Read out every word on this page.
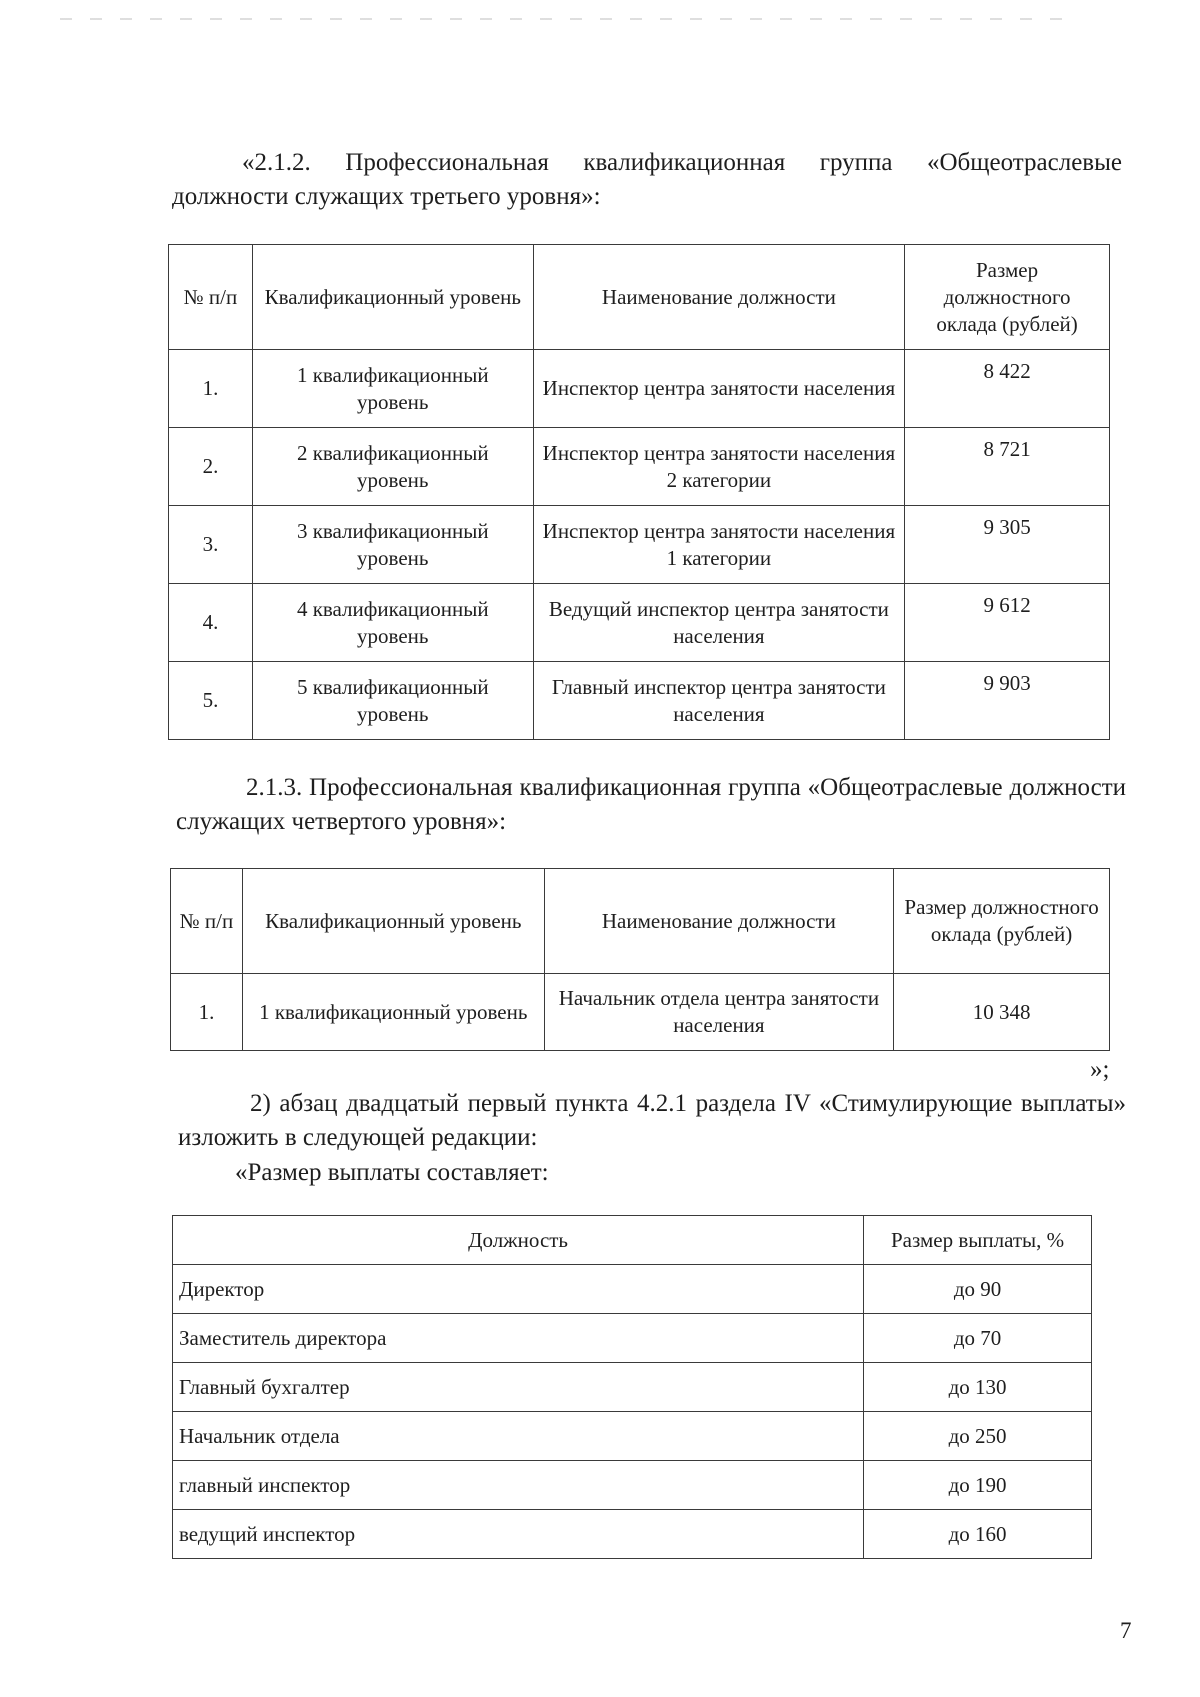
«2.1.2. Профессиональная квалификационная группа «Общеотраслевые должности служащих третьего уровня»:

№ п/п	Квалификационный уровень	Наименование должности	Размер должностного оклада (рублей)
1.	1 квалификационный уровень	Инспектор центра занятости населения	8 422
2.	2 квалификационный уровень	Инспектор центра занятости населения 2 категории	8 721
3.	3 квалификационный уровень	Инспектор центра занятости населения 1 категории	9 305
4.	4 квалификационный уровень	Ведущий инспектор центра занятости населения	9 612
5.	5 квалификационный уровень	Главный инспектор центра занятости населения	9 903

2.1.3. Профессиональная квалификационная группа «Общеотраслевые должности служащих четвертого уровня»:

№ п/п	Квалификационный уровень	Наименование должности	Размер должностного оклада (рублей)
1.	1 квалификационный уровень	Начальник отдела центра занятости населения	10 348
»;

2) абзац двадцатый первый пункта 4.2.1 раздела IV «Стимулирующие выплаты» изложить в следующей редакции:

«Размер выплаты составляет:

Должность	Размер выплаты, %
Директор	до 90
Заместитель директора	до 70
Главный бухгалтер	до 130
Начальник отдела	до 250
главный инспектор	до 190
ведущий инспектор	до 160
7
